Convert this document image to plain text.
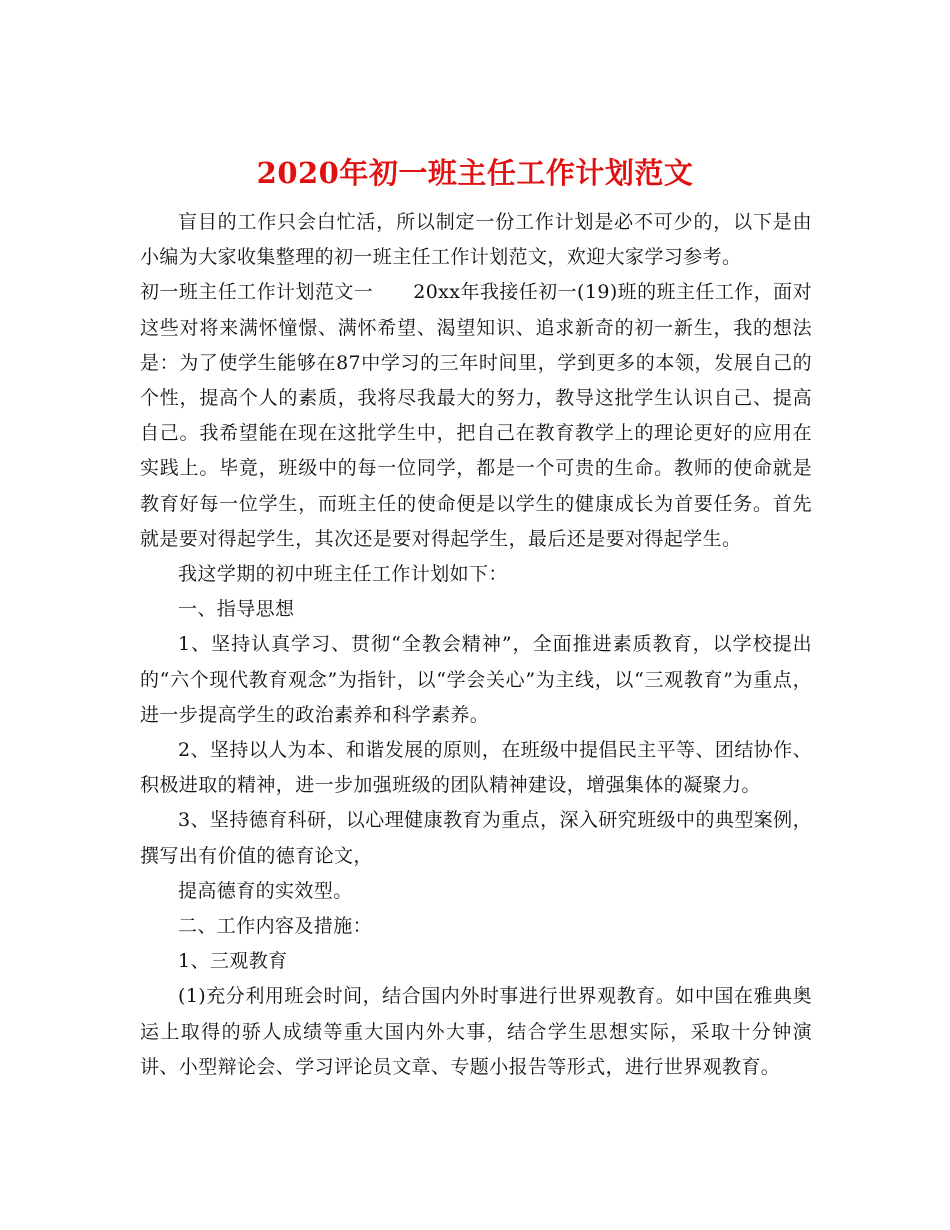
2020年初一班主任工作计划范文

盲目的工作只会白忙活，所以制定一份工作计划是必不可少的，以下是由小编为大家收集整理的初一班主任工作计划范文，欢迎大家学习参考。

初一班主任工作计划范文一 20xx年我接任初一(19)班的班主任工作，面对这些对将来满怀憧憬、满怀希望、渴望知识、追求新奇的初一新生，我的想法是：为了使学生能够在87中学习的三年时间里，学到更多的本领，发展自己的个性，提高个人的素质，我将尽我最大的努力，教导这批学生认识自己、提高自己。我希望能在现在这批学生中，把自己在教育教学上的理论更好的应用在实践上。毕竟，班级中的每一位同学，都是一个可贵的生命。教师的使命就是教育好每一位学生，而班主任的使命便是以学生的健康成长为首要任务。首先就是要对得起学生，其次还是要对得起学生，最后还是要对得起学生。

我这学期的初中班主任工作计划如下：

一、指导思想

1、坚持认真学习、贯彻“全教会精神”，全面推进素质教育，以学校提出的“六个现代教育观念”为指针，以“学会关心”为主线，以“三观教育”为重点，进一步提高学生的政治素养和科学素养。

2、坚持以人为本、和谐发展的原则，在班级中提倡民主平等、团结协作、积极进取的精神，进一步加强班级的团队精神建设，增强集体的凝聚力。

3、坚持德育科研，以心理健康教育为重点，深入研究班级中的典型案例，撰写出有价值的德育论文，

提高德育的实效型。

二、工作内容及措施：

1、三观教育

(1)充分利用班会时间，结合国内外时事进行世界观教育。如中国在雅典奥运上取得的骄人成绩等重大国内外大事，结合学生思想实际，采取十分钟演讲、小型辩论会、学习评论员文章、专题小报告等形式，进行世界观教育。
